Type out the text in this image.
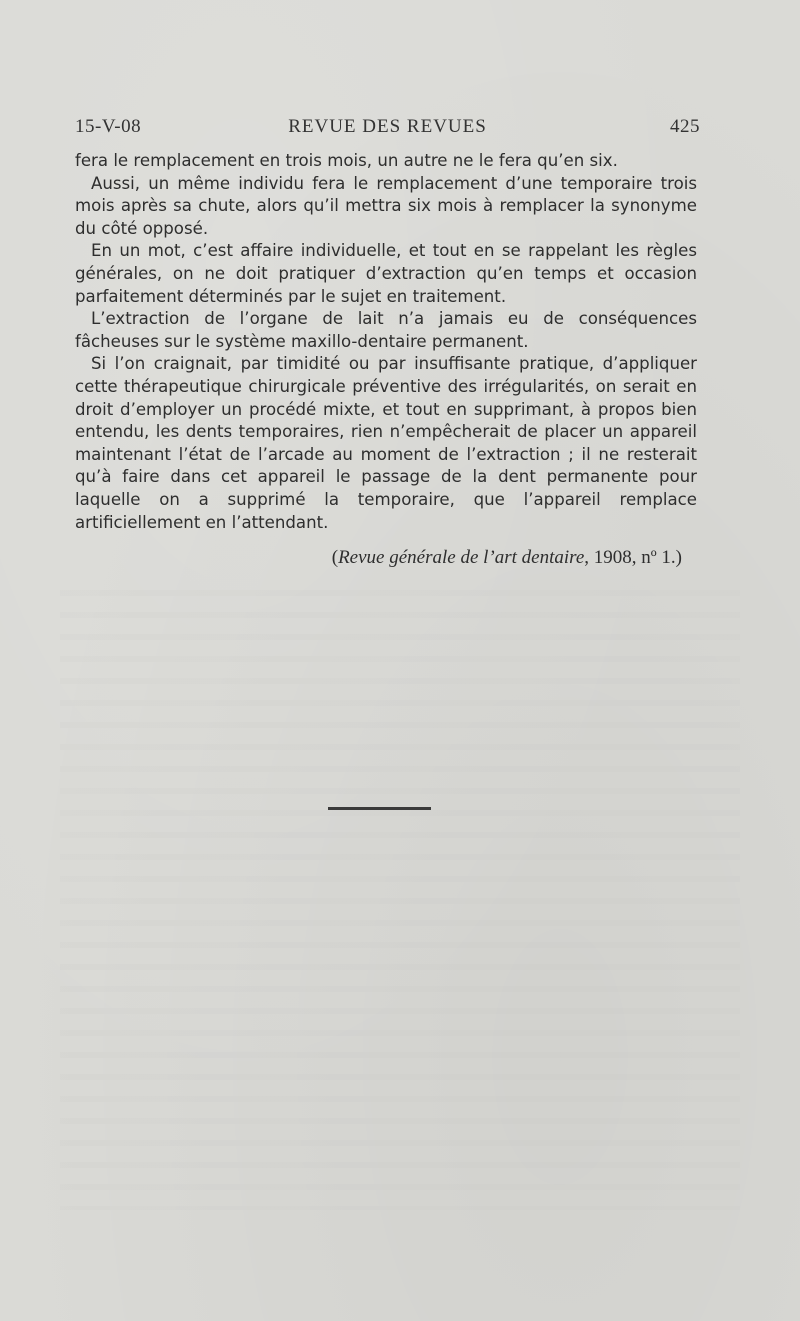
15-V-08	REVUE DES REVUES	425

fera le remplacement en trois mois, un autre ne le fera qu’en six.

Aussi, un même individu fera le remplacement d’une temporaire trois mois après sa chute, alors qu’il mettra six mois à remplacer la synonyme du côté opposé.

En un mot, c’est affaire individuelle, et tout en se rappelant les règles générales, on ne doit pratiquer d’extraction qu’en temps et occasion parfaitement déterminés par le sujet en traitement.

L’extraction de l’organe de lait n’a jamais eu de conséquences fâcheuses sur le système maxillo-dentaire permanent.

Si l’on craignait, par timidité ou par insuffisante pratique, d’appliquer cette thérapeutique chirurgicale préventive des irrégularités, on serait en droit d’employer un procédé mixte, et tout en supprimant, à propos bien entendu, les dents temporaires, rien n’empêcherait de placer un appareil maintenant l’état de l’arcade au moment de l’extraction ; il ne resterait qu’à faire dans cet appareil le passage de la dent permanente pour laquelle on a supprimé la temporaire, que l’appareil remplace artificiellement en l’attendant.

(Revue générale de l’art dentaire, 1908, nº 1.)
